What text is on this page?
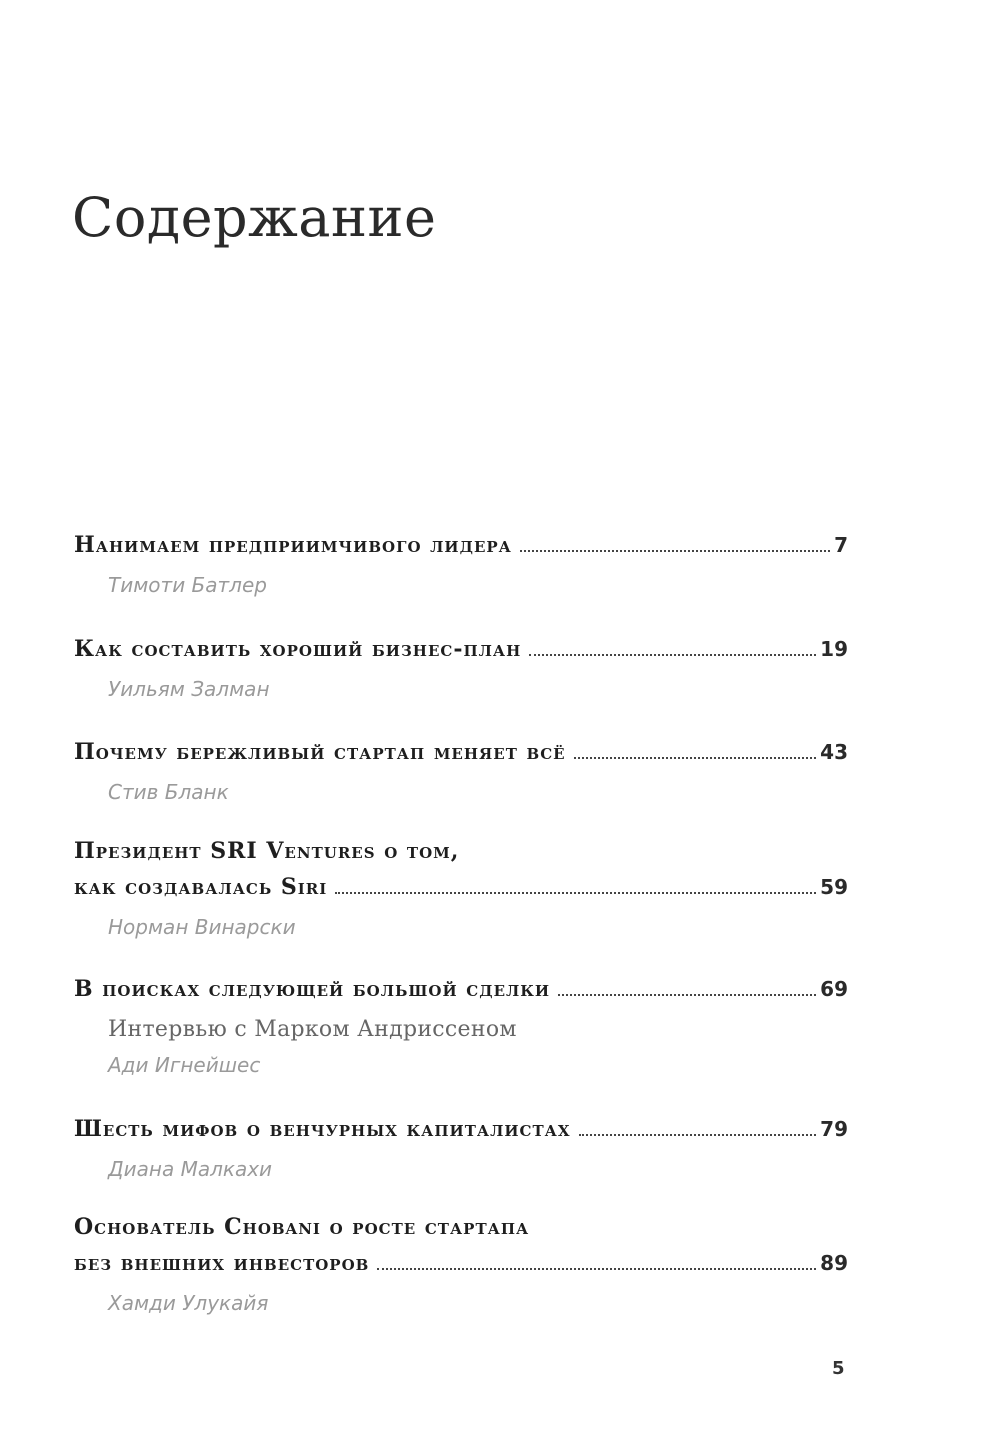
Содержание
Нанимаем предприимчивого лидера	7
Тимоти Батлер
Как составить хороший бизнес-план	19
Уильям Залман
Почему бережливый стартап меняет всё	43
Стив Бланк
Президент SRI Ventures о том,
как создавалась Siri	59
Норман Винарски
В поисках следующей большой сделки	69
Интервью с Марком Андриссеном
Ади Игнейшес
Шесть мифов о венчурных капиталистах	79
Диана Малкахи
Основатель Chobani о росте стартапа
без внешних инвесторов	89
Хамди Улукайя
5
